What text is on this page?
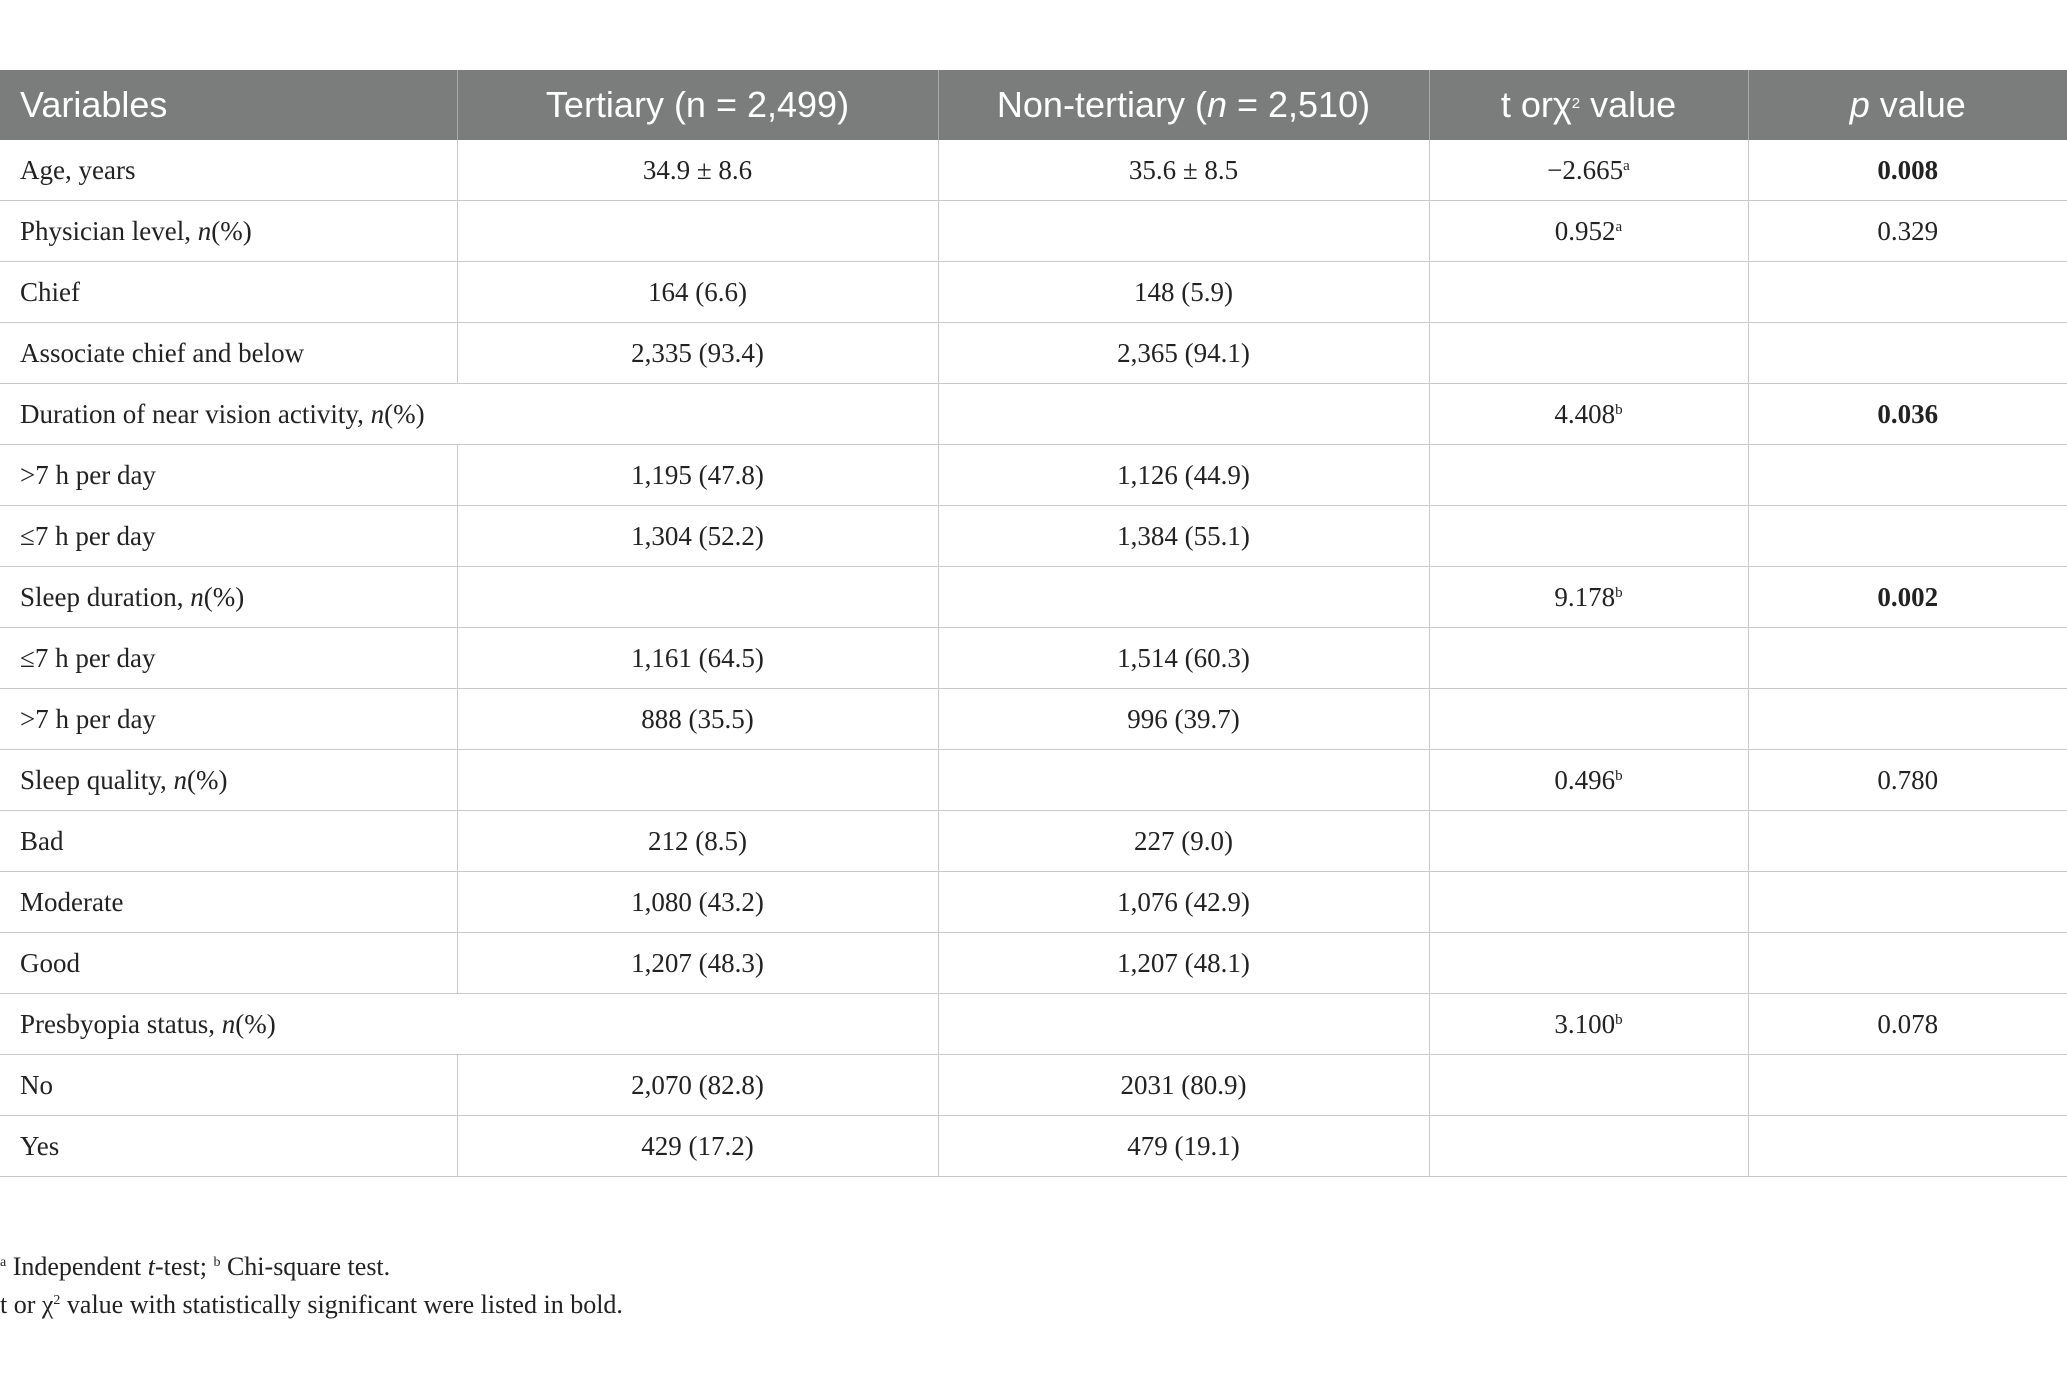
Variables	Tertiary (n = 2,499)	Non-tertiary (n = 2,510)	t orχ$^2$ value	p value
Age, years	34.9 ± 8.6	35.6 ± 8.5	−2.665$^a$	0.008
Physician level, n(%)			0.952$^a$	0.329
Chief	164 (6.6)	148 (5.9)		
Associate chief and below	2,335 (93.4)	2,365 (94.1)		
Duration of near vision activity, n(%)			4.408$^b$	0.036
>7 h per day	1,195 (47.8)	1,126 (44.9)		
≤7 h per day	1,304 (52.2)	1,384 (55.1)		
Sleep duration, n(%)			9.178$^b$	0.002
≤7 h per day	1,161 (64.5)	1,514 (60.3)		
>7 h per day	888 (35.5)	996 (39.7)		
Sleep quality, n(%)			0.496$^b$	0.780
Bad	212 (8.5)	227 (9.0)		
Moderate	1,080 (43.2)	1,076 (42.9)		
Good	1,207 (48.3)	1,207 (48.1)		
Presbyopia status, n(%)			3.100$^b$	0.078
No	2,070 (82.8)	2031 (80.9)		
Yes	429 (17.2)	479 (19.1)		
$^a$ Independent t-test; $^b$ Chi-square test.
t or $\chi^2$ value with statistically significant were listed in bold.
